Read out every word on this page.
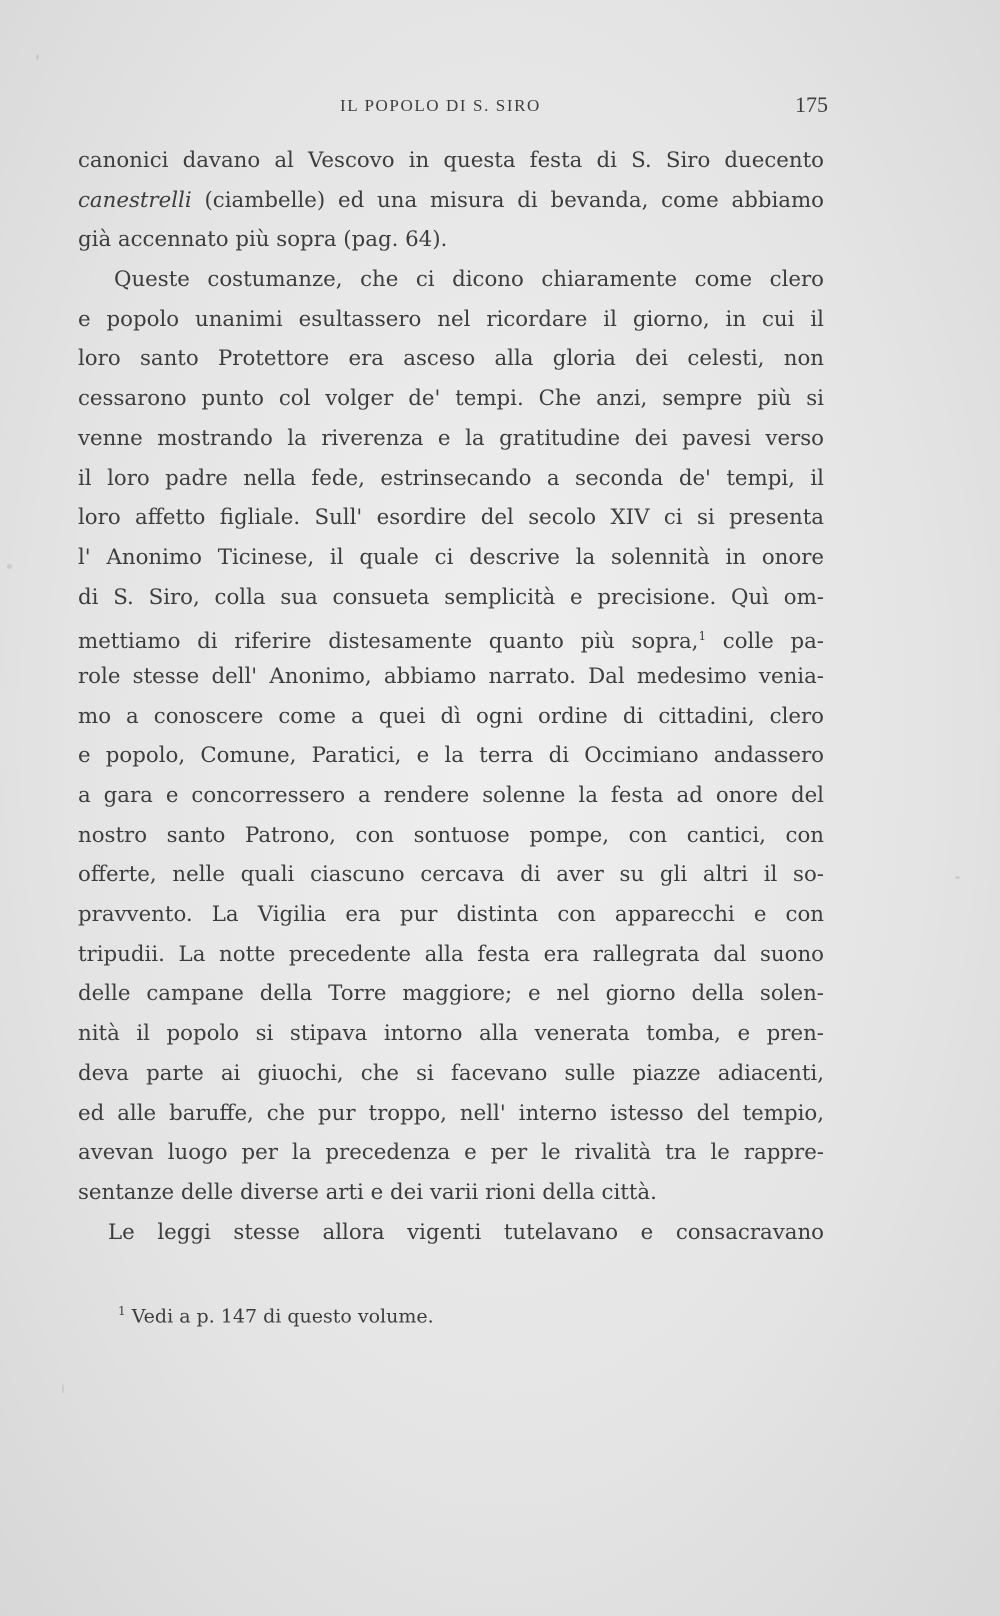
IL POPOLO DI S. SIRO	175
canonici davano al Vescovo in questa festa di S. Siro duecento
canestrelli (ciambelle) ed una misura di bevanda, come abbiamo
già accennato più sopra (pag. 64).
Queste costumanze, che ci dicono chiaramente come clero
e popolo unanimi esultassero nel ricordare il giorno, in cui il
loro santo Protettore era asceso alla gloria dei celesti, non
cessarono punto col volger de' tempi. Che anzi, sempre più si
venne mostrando la riverenza e la gratitudine dei pavesi verso
il loro padre nella fede, estrinsecando a seconda de' tempi, il
loro affetto figliale. Sull' esordire del secolo XIV ci si presenta
l' Anonimo Ticinese, il quale ci descrive la solennità in onore
di S. Siro, colla sua consueta semplicità e precisione. Quì om-
mettiamo di riferire distesamente quanto più sopra,$^1$ colle pa-
role stesse dell' Anonimo, abbiamo narrato. Dal medesimo venia-
mo a conoscere come a quei dì ogni ordine di cittadini, clero
e popolo, Comune, Paratici, e la terra di Occimiano andassero
a gara e concorressero a rendere solenne la festa ad onore del
nostro santo Patrono, con sontuose pompe, con cantici, con
offerte, nelle quali ciascuno cercava di aver su gli altri il so-
pravvento. La Vigilia era pur distinta con apparecchi e con
tripudii. La notte precedente alla festa era rallegrata dal suono
delle campane della Torre maggiore; e nel giorno della solen-
nità il popolo si stipava intorno alla venerata tomba, e pren-
deva parte ai giuochi, che si facevano sulle piazze adiacenti,
ed alle baruffe, che pur troppo, nell' interno istesso del tempio,
avevan luogo per la precedenza e per le rivalità tra le rappre-
sentanze delle diverse arti e dei varii rioni della città.
Le leggi stesse allora vigenti tutelavano e consacravano
$^1$ Vedi a p. 147 di questo volume.
